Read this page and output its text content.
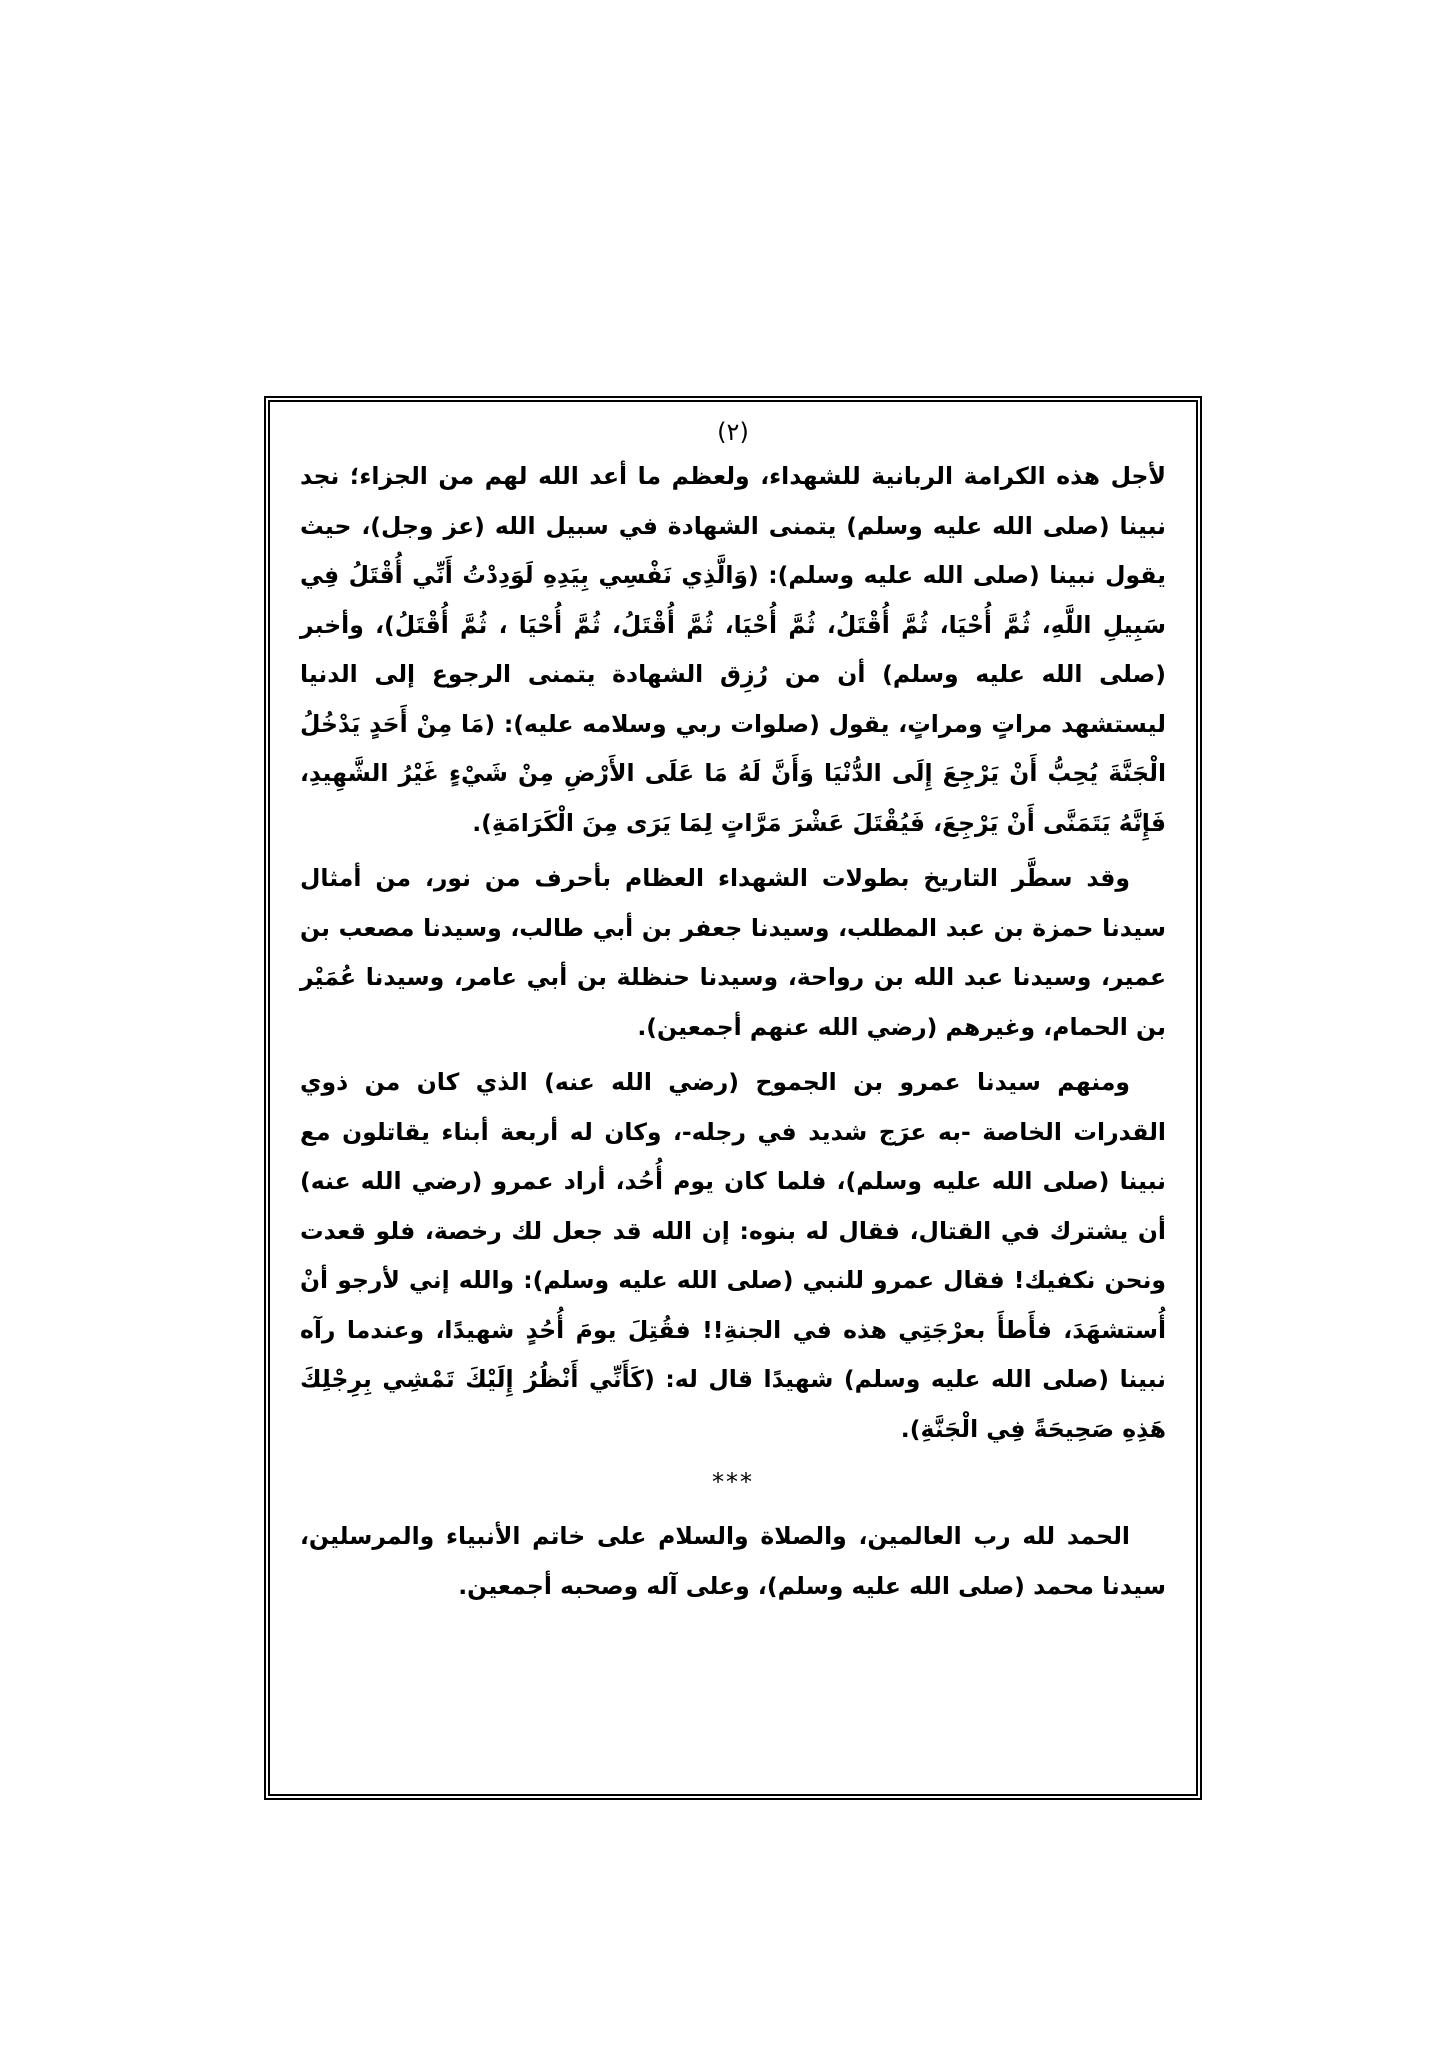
(٢)

لأجل هذه الكرامة الربانية للشهداء، ولعظم ما أعد الله لهم من الجزاء؛ نجد نبينا (صلى الله عليه وسلم) يتمنى الشهادة في سبيل الله (عز وجل)، حيث يقول نبينا (صلى الله عليه وسلم): (وَالَّذِي نَفْسِي بِيَدِهِ لَوَدِدْتُ أَنِّي أُقْتَلُ فِي سَبِيلِ اللَّهِ، ثُمَّ أُحْيَا، ثُمَّ أُقْتَلُ، ثُمَّ أُحْيَا، ثُمَّ أُقْتَلُ، ثُمَّ أُحْيَا ، ثُمَّ أُقْتَلُ)، وأخبر (صلى الله عليه وسلم) أن من رُزِق الشهادة يتمنى الرجوع إلى الدنيا ليستشهد مراتٍ ومراتٍ، يقول (صلوات ربي وسلامه عليه): (مَا مِنْ أَحَدٍ يَدْخُلُ الْجَنَّةَ يُحِبُّ أَنْ يَرْجِعَ إِلَى الدُّنْيَا وَأَنَّ لَهُ مَا عَلَى الأَرْضِ مِنْ شَيْءٍ غَيْرُ الشَّهِيدِ، فَإِنَّهُ يَتَمَنَّى أَنْ يَرْجِعَ، فَيُقْتَلَ عَشْرَ مَرَّاتٍ لِمَا يَرَى مِنَ الْكَرَامَةِ).

وقد سطَّر التاريخ بطولات الشهداء العظام بأحرف من نور، من أمثال سيدنا حمزة بن عبد المطلب، وسيدنا جعفر بن أبي طالب، وسيدنا مصعب بن عمير، وسيدنا عبد الله بن رواحة، وسيدنا حنظلة بن أبي عامر، وسيدنا عُمَيْر بن الحمام، وغيرهم (رضي الله عنهم أجمعين).

ومنهم سيدنا عمرو بن الجموح (رضي الله عنه) الذي كان من ذوي القدرات الخاصة -به عرَج شديد في رجله-، وكان له أربعة أبناء يقاتلون مع نبينا (صلى الله عليه وسلم)، فلما كان يوم أُحُد، أراد عمرو (رضي الله عنه) أن يشترك في القتال، فقال له بنوه: إن الله قد جعل لك رخصة، فلو قعدت ونحن نكفيك! فقال عمرو للنبي (صلى الله عليه وسلم): والله إني لأرجو أنْ أُستشهَدَ، فأَطأَ بعرْجَتِي هذه في الجنةِ!! فقُتِلَ يومَ أُحُدٍ شهيدًا، وعندما رآه نبينا (صلى الله عليه وسلم) شهيدًا قال له: (كَأَنِّي أَنْظُرُ إِلَيْكَ تَمْشِي بِرِجْلِكَ هَذِهِ صَحِيحَةً فِي الْجَنَّةِ).

***

الحمد لله رب العالمين، والصلاة والسلام على خاتم الأنبياء والمرسلين، سيدنا محمد (صلى الله عليه وسلم)، وعلى آله وصحبه أجمعين.
